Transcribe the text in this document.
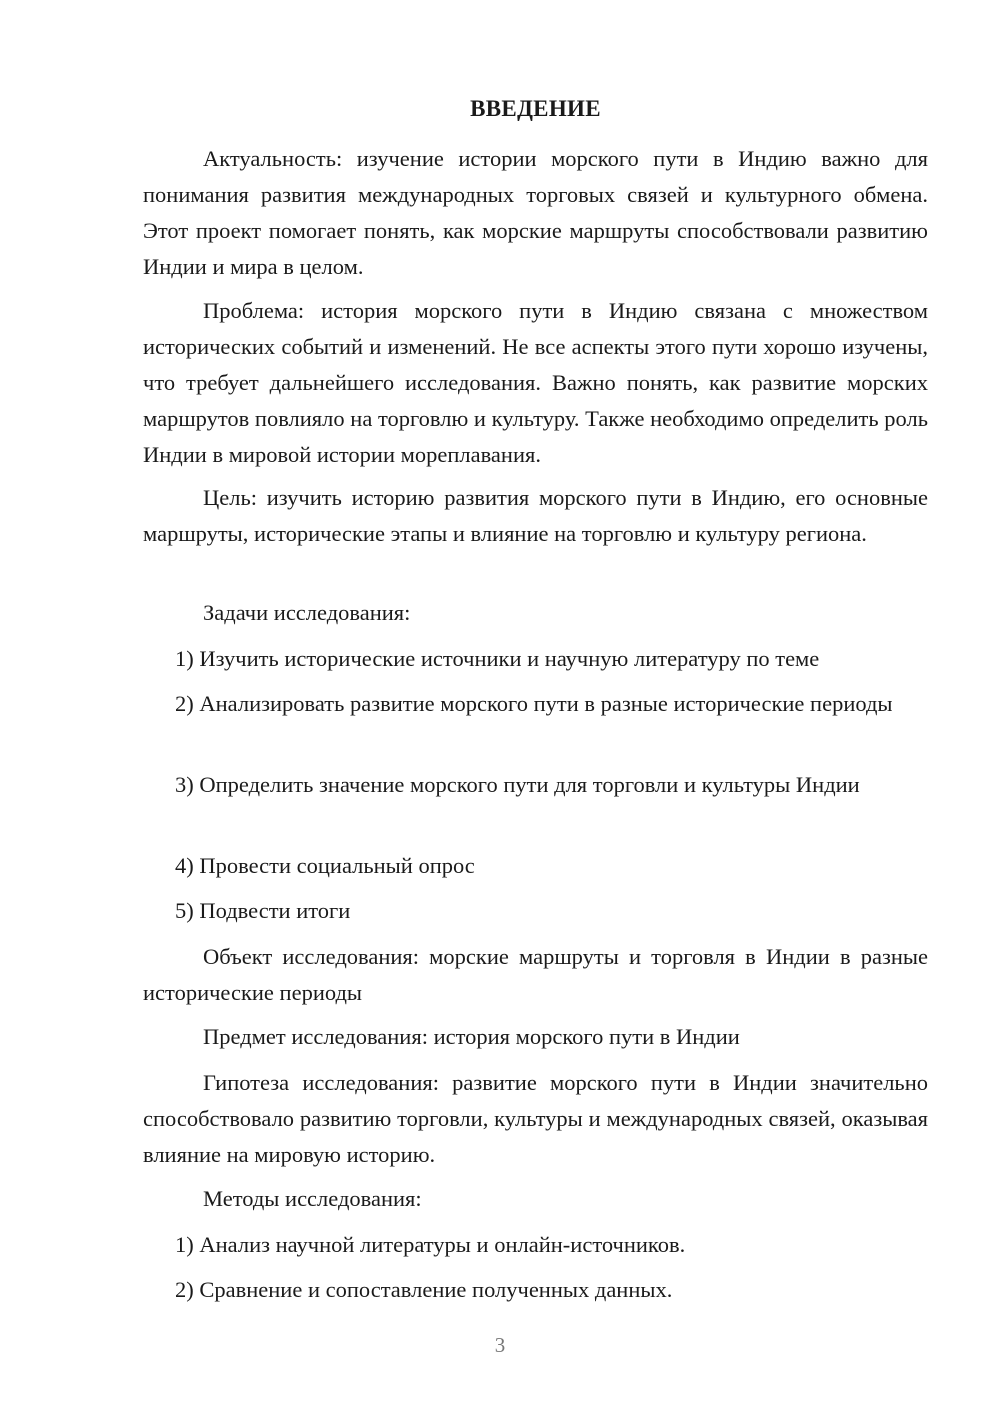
ВВЕДЕНИЕ
Актуальность: изучение истории морского пути в Индию важно для понимания развития международных торговых связей и культурного обмена. Этот проект помогает понять, как морские маршруты способствовали развитию Индии и мира в целом.
Проблема: история морского пути в Индию связана с множеством исторических событий и изменений. Не все аспекты этого пути хорошо изучены, что требует дальнейшего исследования. Важно понять, как развитие морских маршрутов повлияло на торговлю и культуру. Также необходимо определить роль Индии в мировой истории мореплавания.
Цель: изучить историю развития морского пути в Индию, его основные маршруты, исторические этапы и влияние на торговлю и культуру региона.
Задачи исследования:
1) Изучить исторические источники и научную литературу по теме
2) Анализировать развитие морского пути в разные исторические периоды
3) Определить значение морского пути для торговли и культуры Индии
4) Провести социальный опрос
5) Подвести итоги
Объект исследования: морские маршруты и торговля в Индии в разные исторические периоды
Предмет исследования: история морского пути в Индии
Гипотеза исследования: развитие морского пути в Индии значительно способствовало развитию торговли, культуры и международных связей, оказывая влияние на мировую историю.
Методы исследования:
1) Анализ научной литературы и онлайн-источников.
2) Сравнение и сопоставление полученных данных.
3
